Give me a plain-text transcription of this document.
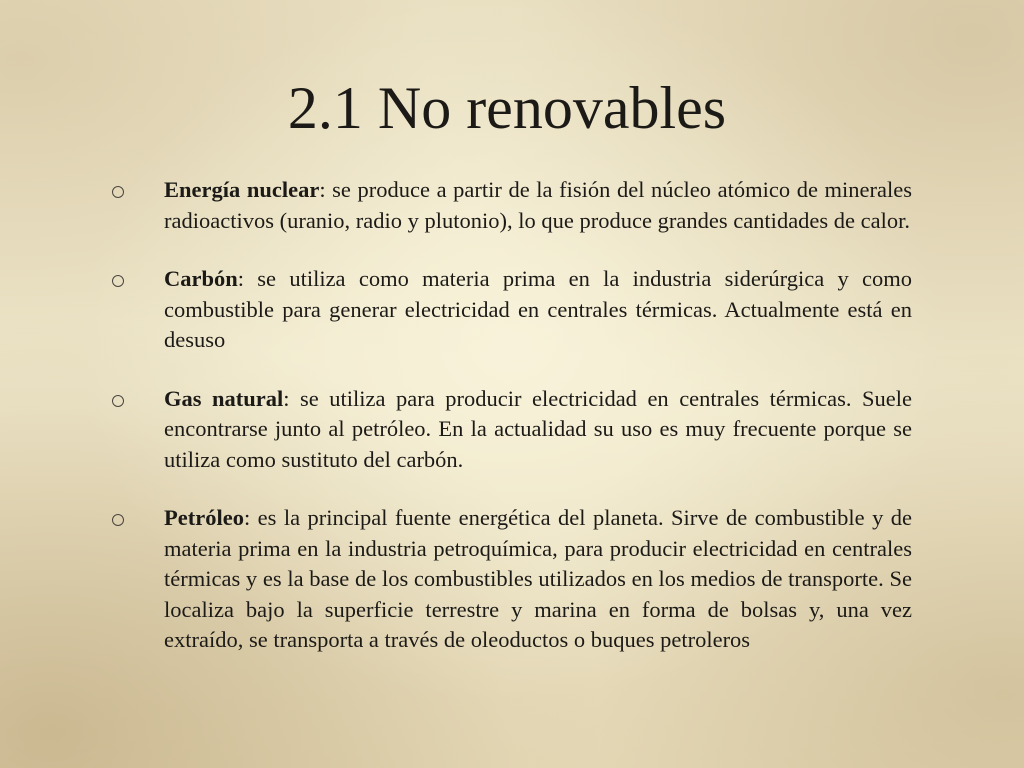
2.1 No renovables
Energía nuclear: se produce a partir de la fisión del núcleo atómico de minerales radioactivos (uranio, radio y plutonio), lo que produce grandes cantidades de calor.
Carbón: se utiliza como materia prima en la industria siderúrgica y como combustible para generar electricidad en centrales térmicas. Actualmente está en desuso
Gas natural: se utiliza para producir electricidad en centrales térmicas. Suele encontrarse junto al petróleo. En la actualidad su uso es muy frecuente porque se utiliza como sustituto del carbón.
Petróleo: es la principal fuente energética del planeta. Sirve de combustible y de materia prima en la industria petroquímica, para producir electricidad en centrales térmicas y es la base de los combustibles utilizados en los medios de transporte. Se localiza bajo la superficie terrestre y marina en forma de bolsas y, una vez extraído, se transporta a través de oleoductos o buques petroleros
